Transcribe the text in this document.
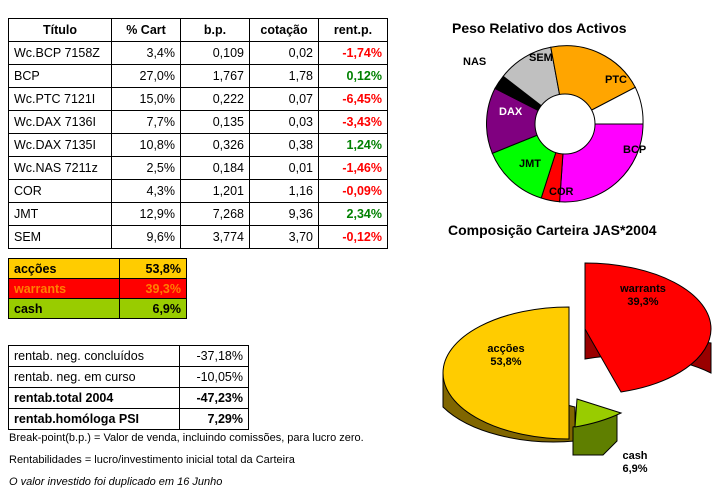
Título	% Cart	b.p.	cotação	rent.p.
Wc.BCP 7158Z	3,4%	0,109	0,02	-1,74%
BCP	27,0%	1,767	1,78	0,12%
Wc.PTC 7121I	15,0%	0,222	0,07	-6,45%
Wc.DAX 7136I	7,7%	0,135	0,03	-3,43%
Wc.DAX 7135I	10,8%	0,326	0,38	1,24%
Wc.NAS 7211z	2,5%	0,184	0,01	-1,46%
COR	4,3%	1,201	1,16	-0,09%
JMT	12,9%	7,268	9,36	2,34%
SEM	9,6%	3,774	3,70	-0,12%
acções	53,8%
warrants	39,3%
cash	6,9%
rentab. neg. concluídos	-37,18%
rentab. neg. em curso	-10,05%
rentab.total 2004	-47,23%
rentab.homóloga PSI	7,29%
Break-point(b.p.) = Valor de venda, incluindo comissões, para lucro zero.
Rentabilidades = lucro/investimento inicial total da Carteira
O valor investido foi duplicado em 16 Junho
Peso Relativo dos Activos
PTC
BCP
COR
JMT
DAX
NAS	SEM
Composição Carteira JAS*2004
acções
53,8%
warrants
39,3%
cash
6,9%
